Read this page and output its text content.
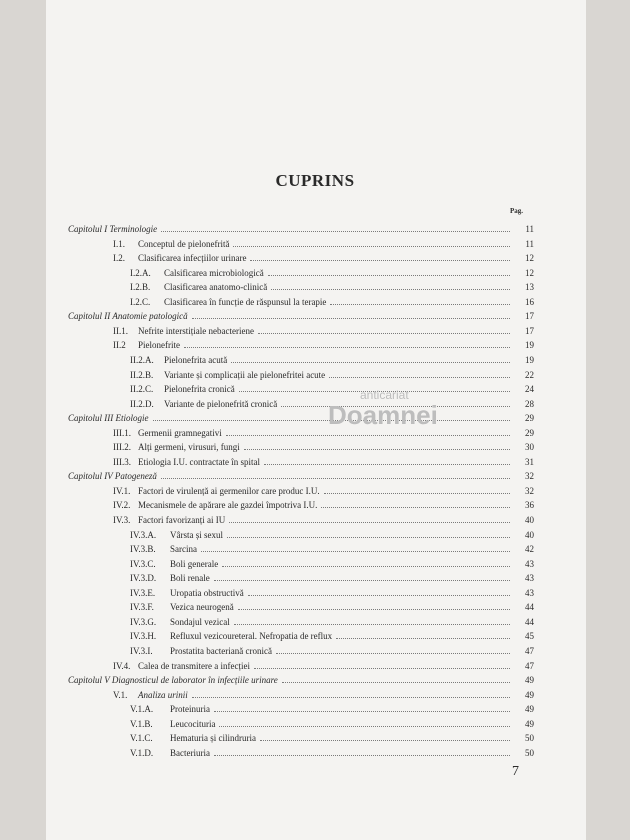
CUPRINS
Pag.
Capitolul I Terminologie	11
I.1. Conceptul de pielonefrită	11
I.2. Clasificarea infecțiilor urinare	12
I.2.A. Calsificarea microbiologică	12
I.2.B. Clasificarea anatomo-clinică	13
I.2.C. Clasificarea în funcție de răspunsul la terapie	16
Capitolul II Anatomie patologică	17
II.1. Nefrite interstițiale nebacteriene	17
II.2 Pielonefrite	19
II.2.A. Pielonefrita acută	19
II.2.B. Variante și complicații ale pielonefritei acute	22
II.2.C. Pielonefrita cronică	24
II.2.D. Variante de pielonefrită cronică	28
Capitolul III Etiologie	29
III.1. Germenii gramnegativi	29
III.2. Alți germeni, virusuri, fungi	30
III.3. Etiologia I.U. contractate în spital	31
Capitolul IV Patogeneză	32
IV.1. Factori de virulență ai germenilor care produc I.U.	32
IV.2. Mecanismele de apărare ale gazdei împotriva I.U.	36
IV.3. Factori favorizanți ai IU	40
IV.3.A. Vârsta și sexul	40
IV.3.B. Sarcina	42
IV.3.C. Boli generale	43
IV.3.D. Boli renale	43
IV.3.E. Uropatia obstructivă	43
IV.3.F. Vezica neurogenă	44
IV.3.G. Sondajul vezical	44
IV.3.H. Refluxul vezicoureteral. Nefropatia de reflux	45
IV.3.I. Prostatita bacteriană cronică	47
IV.4. Calea de transmitere a infecției	47
Capitolul V Diagnosticul de laborator în infecțiile urinare	49
V.1. Analiza urinii	49
V.1.A. Proteinuria	49
V.1.B. Leucocituria	49
V.1.C. Hematuria și cilindruria	50
V.1.D. Bacteriuria	50
anticariat
Doamnei
7
